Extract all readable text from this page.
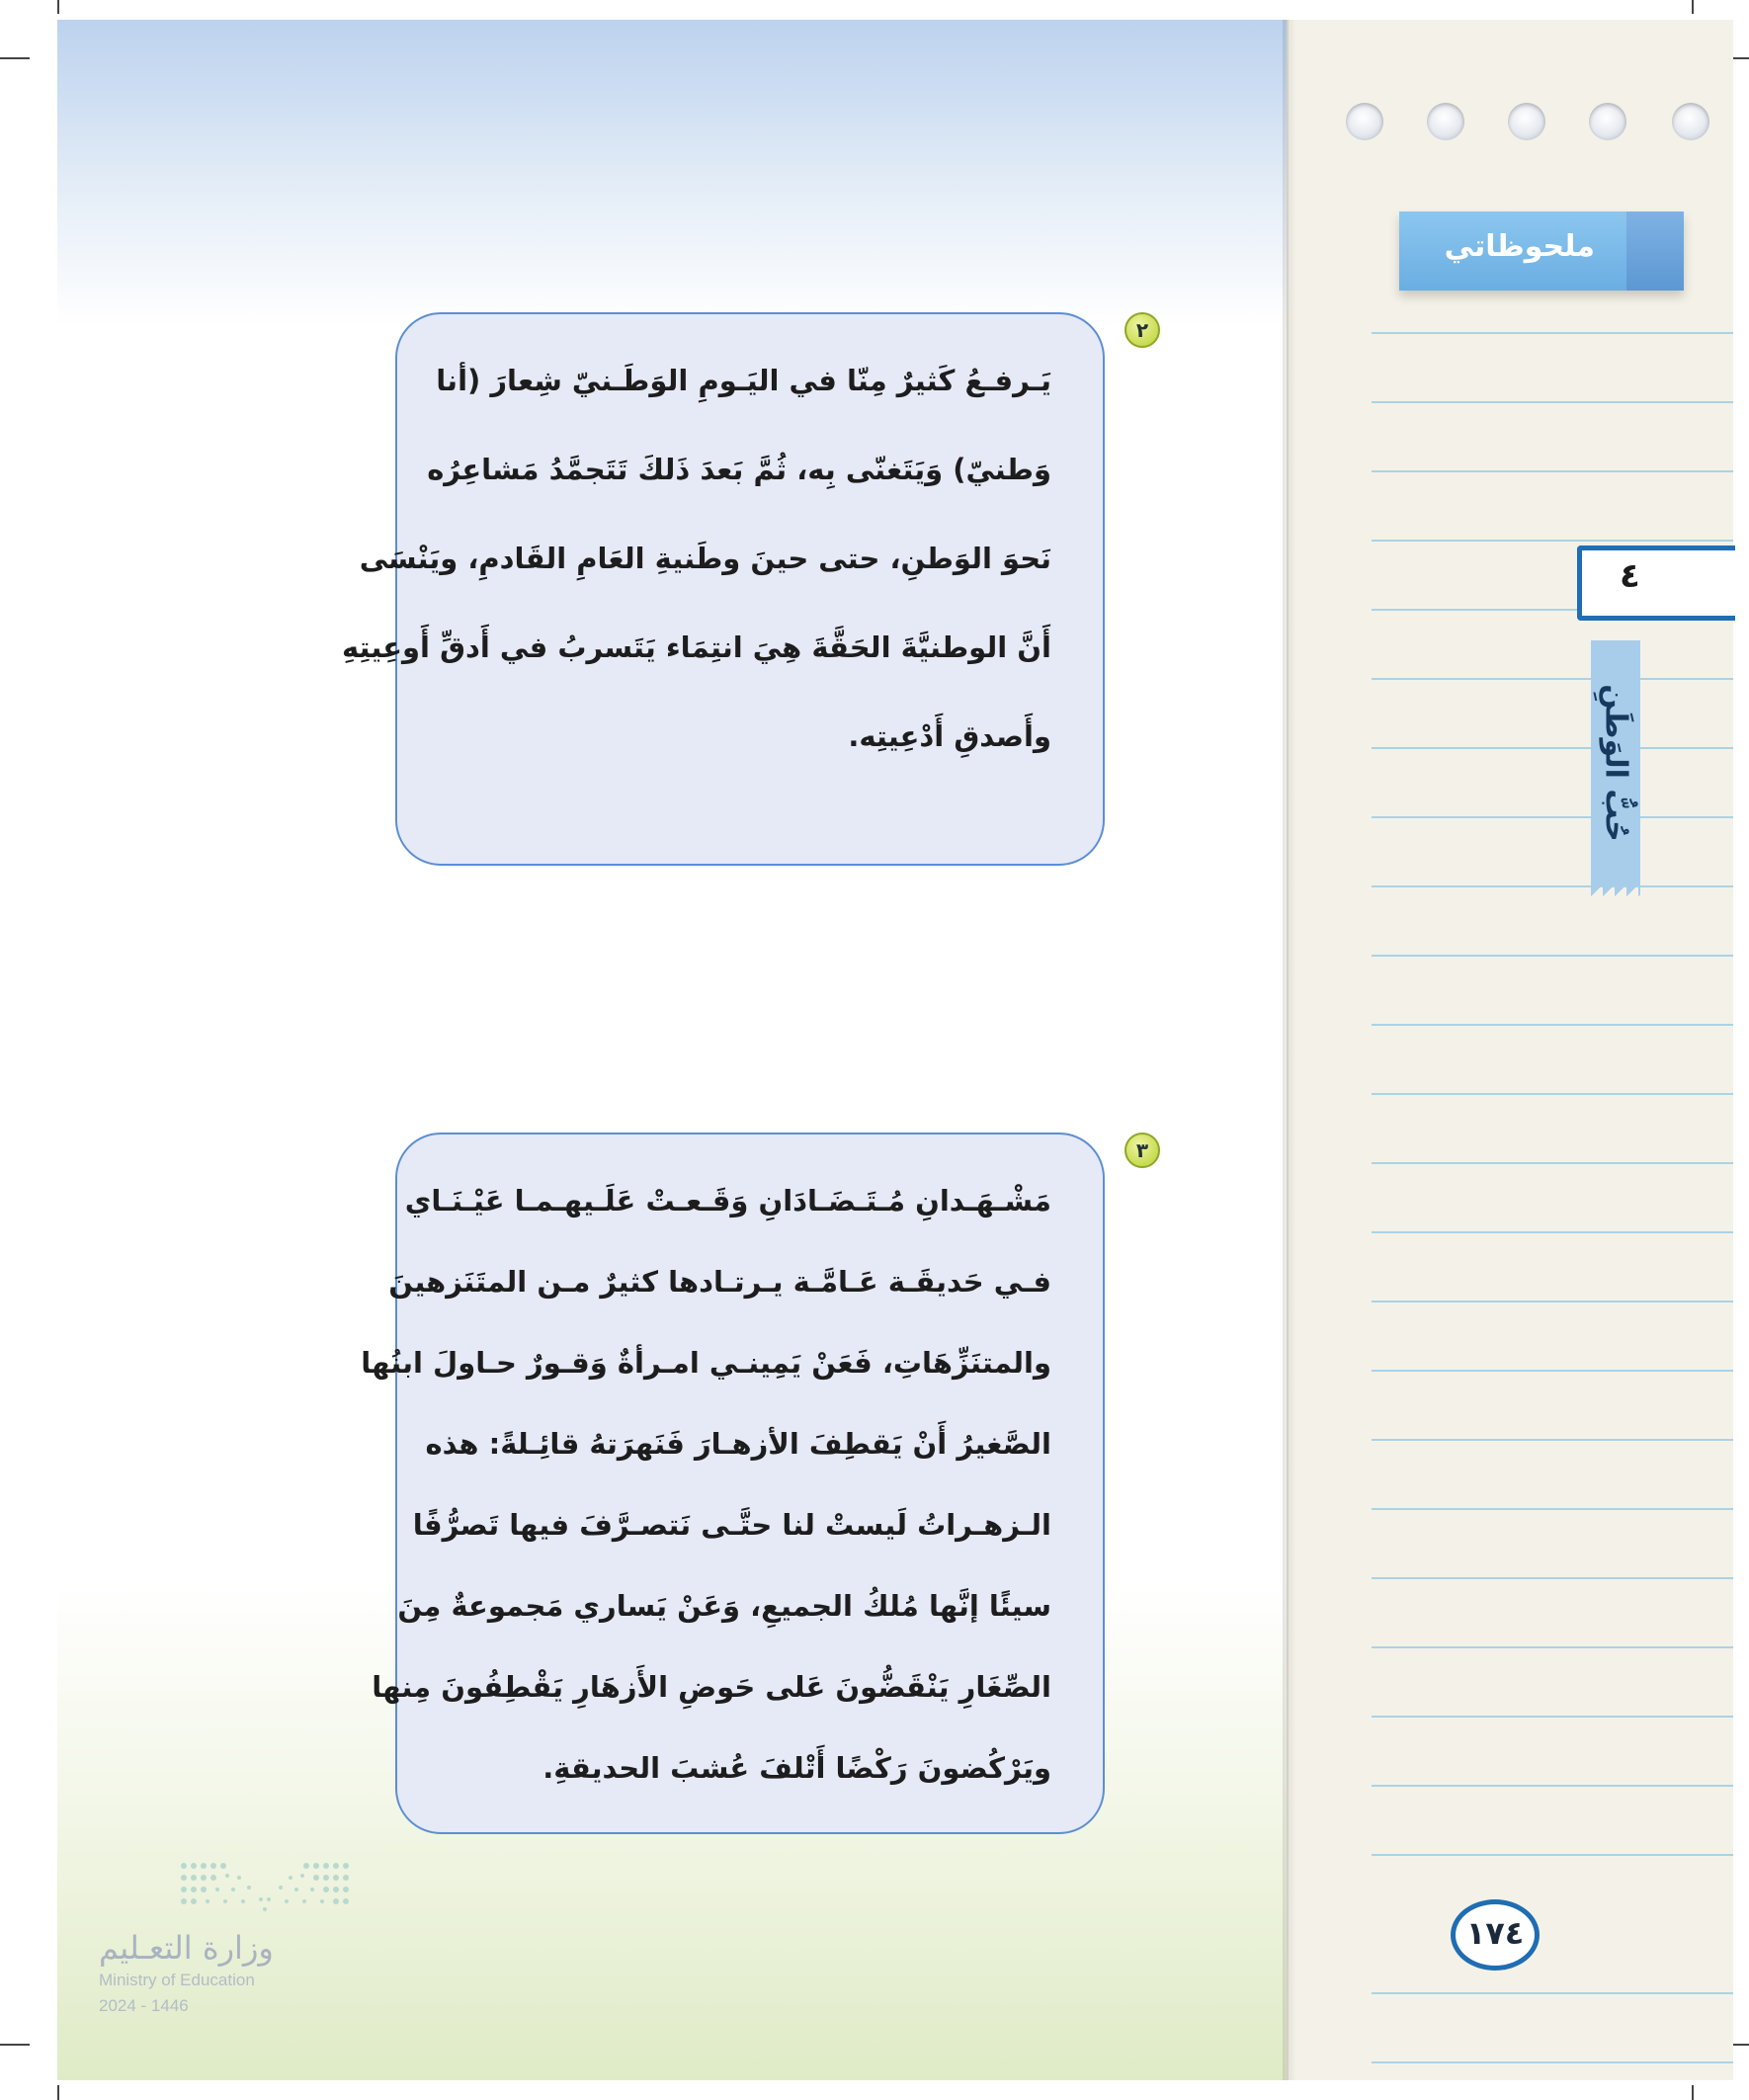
ملحوظاتي
٤
حُبُّ الوَطَنِ
٢
يَـرفـعُ كَثيرٌ مِنّا في اليَـومِ الوَطَـنيّ شِعارَ (أنا
وَطنيّ) وَيَتَغنّى بِه، ثُمَّ بَعدَ ذَلكَ تَتَجمَّدُ مَشاعِرُه
نَحوَ الوَطنِ، حتى حينَ وطَنيةِ العَامِ القَادمِ، ويَنْسَى
أَنَّ الوطنيَّةَ الحَقَّةَ هِيَ انتِمَاء يَتَسربُ في أَدقِّ أَوعِيتِهِ
وأَصدقِ أَدْعِيتِه.
٣
مَشْـهَـدانِ مُـتَـضَـادَانِ وَقَـعـتْ عَلَـيهـمـا عَيْـنَـاي
فـي حَديقَـة عَـامَّـة يـرتـادها كثيرٌ مـن المتَنَزهينَ
والمتنَزِّهَاتِ، فَعَنْ يَمِينـي امـرأةٌ وَقـورٌ حـاولَ ابنُها
الصَّغيرُ أَنْ يَقطِفَ الأزهـارَ فَنَهرَتهُ قائِـلةً: هذه
الـزهـراتُ لَيستْ لنا حتَّـى نَتصـرَّفَ فيها تَصرُّفًا
سيئًا إنَّها مُلكُ الجميعِ، وَعَنْ يَساري مَجموعةٌ مِنَ
الصِّغَارِ يَنْقَضُّونَ عَلى حَوضِ الأَزهَارِ يَقْطِفُونَ مِنها
ويَرْكُضونَ رَكْضًا أَتْلفَ عُشبَ الحديقةِ.
١٧٤
وزارة التعـليم
Ministry of Education
2024 - 1446
